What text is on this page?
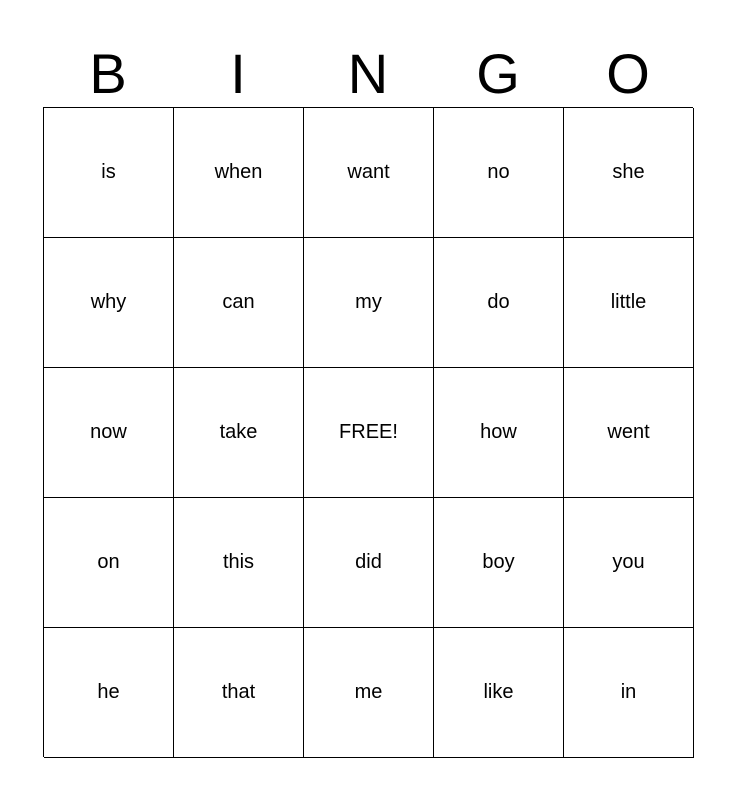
B	I	N	G	O
is	when	want	no	she
why	can	my	do	little
now	take	FREE!	how	went
on	this	did	boy	you
he	that	me	like	in
